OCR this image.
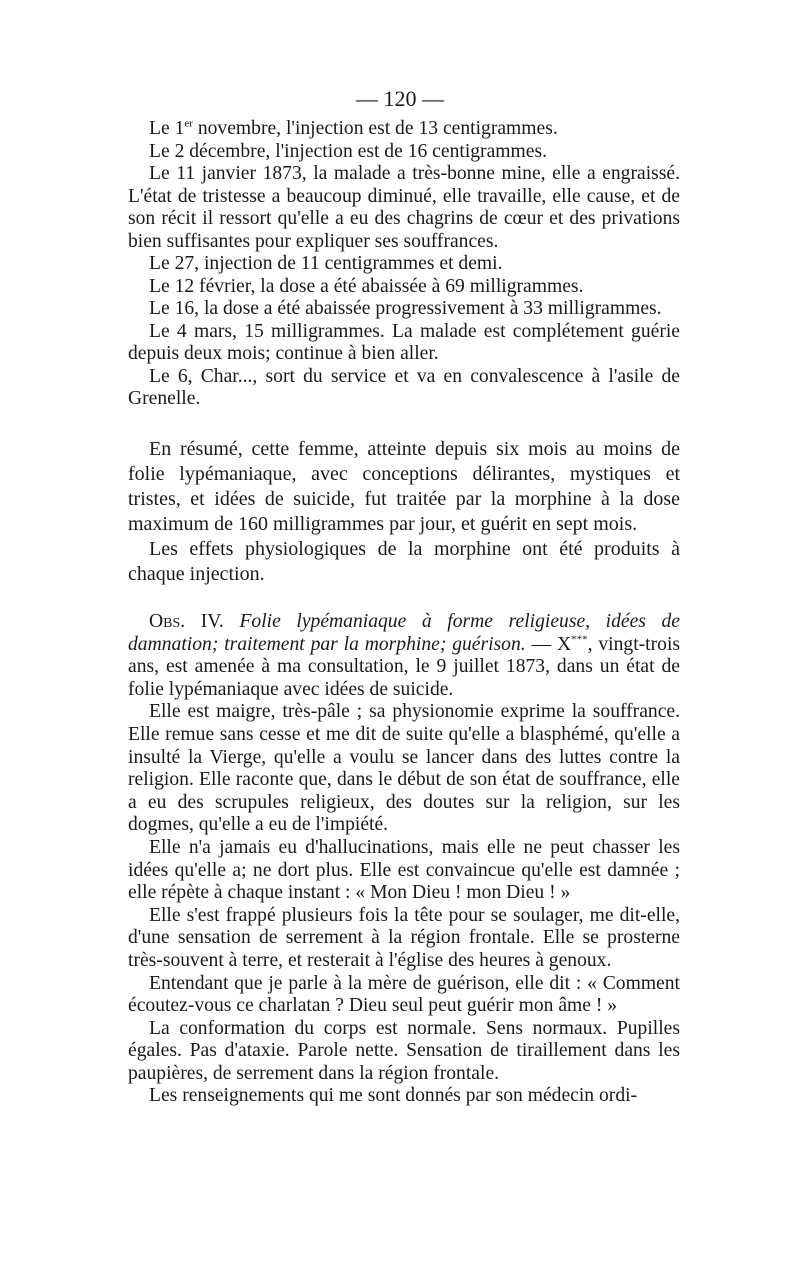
— 120 —

Le 1er novembre, l'injection est de 13 centigrammes.

Le 2 décembre, l'injection est de 16 centigrammes.

Le 11 janvier 1873, la malade a très-bonne mine, elle a engraissé. L'état de tristesse a beaucoup diminué, elle travaille, elle cause, et de son récit il ressort qu'elle a eu des chagrins de cœur et des privations bien suffisantes pour expliquer ses souffrances.

Le 27, injection de 11 centigrammes et demi.

Le 12 février, la dose a été abaissée à 69 milligrammes.

Le 16, la dose a été abaissée progressivement à 33 milligrammes.

Le 4 mars, 15 milligrammes. La malade est complétement guérie depuis deux mois; continue à bien aller.

Le 6, Char..., sort du service et va en convalescence à l'asile de Grenelle.

En résumé, cette femme, atteinte depuis six mois au moins de folie lypémaniaque, avec conceptions délirantes, mystiques et tristes, et idées de suicide, fut traitée par la morphine à la dose maximum de 160 milligrammes par jour, et guérit en sept mois.

Les effets physiologiques de la morphine ont été produits à chaque injection.

Obs. IV. Folie lypémaniaque à forme religieuse, idées de damnation; traitement par la morphine; guérison. — X***, vingt-trois ans, est amenée à ma consultation, le 9 juillet 1873, dans un état de folie lypémaniaque avec idées de suicide.

Elle est maigre, très-pâle ; sa physionomie exprime la souffrance. Elle remue sans cesse et me dit de suite qu'elle a blasphémé, qu'elle a insulté la Vierge, qu'elle a voulu se lancer dans des luttes contre la religion. Elle raconte que, dans le début de son état de souffrance, elle a eu des scrupules religieux, des doutes sur la religion, sur les dogmes, qu'elle a eu de l'impiété.

Elle n'a jamais eu d'hallucinations, mais elle ne peut chasser les idées qu'elle a; ne dort plus. Elle est convaincue qu'elle est damnée ; elle répète à chaque instant : « Mon Dieu ! mon Dieu ! »

Elle s'est frappé plusieurs fois la tête pour se soulager, me dit-elle, d'une sensation de serrement à la région frontale. Elle se prosterne très-souvent à terre, et resterait à l'église des heures à genoux.

Entendant que je parle à la mère de guérison, elle dit : « Comment écoutez-vous ce charlatan ? Dieu seul peut guérir mon âme ! »

La conformation du corps est normale. Sens normaux. Pupilles égales. Pas d'ataxie. Parole nette. Sensation de tiraillement dans les paupières, de serrement dans la région frontale.

Les renseignements qui me sont donnés par son médecin ordi-
